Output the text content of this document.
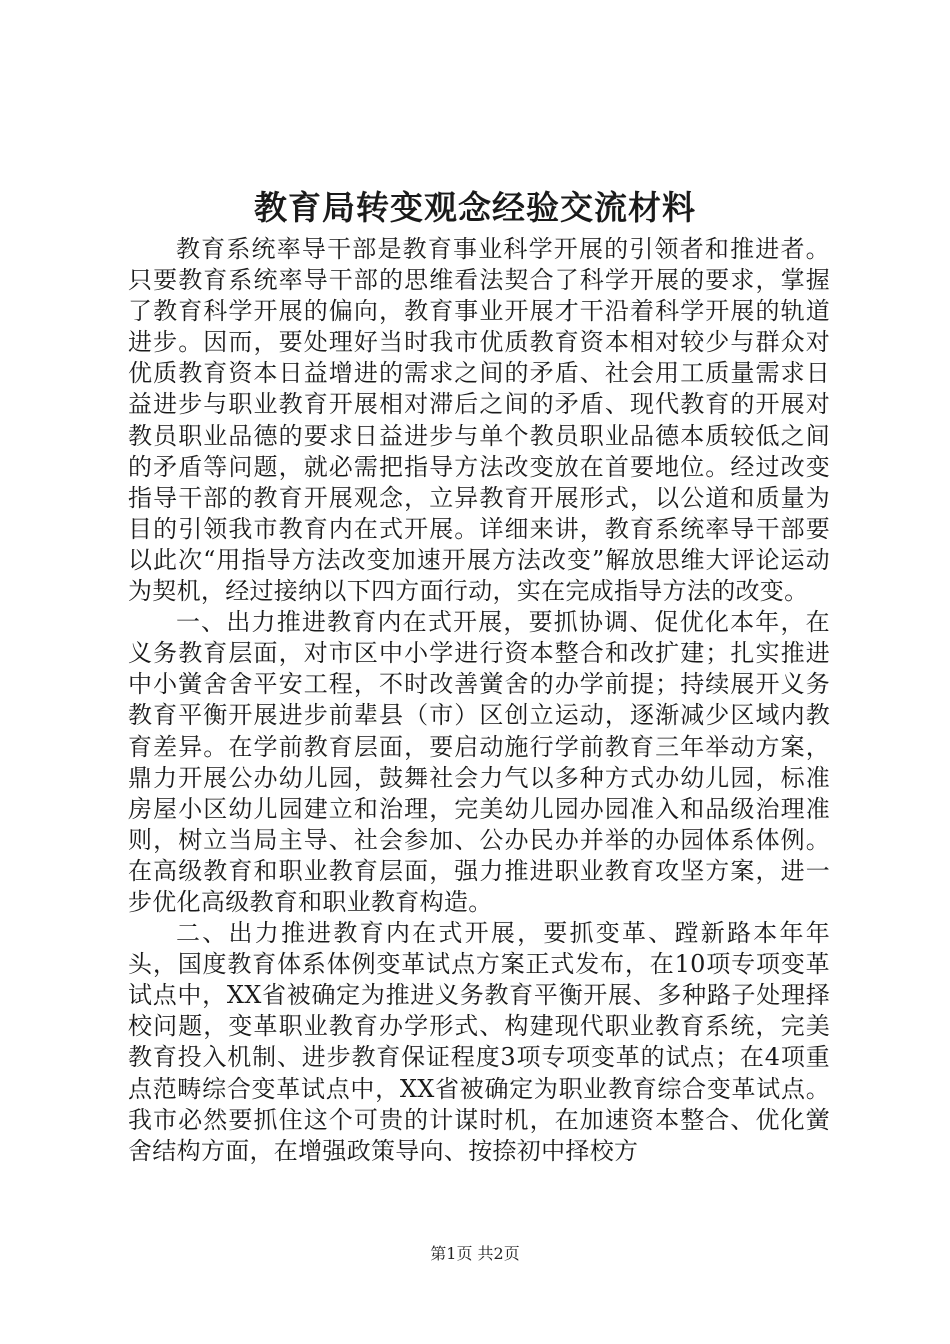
教育局转变观念经验交流材料

教育系统率导干部是教育事业科学开展的引领者和推进者。只要教育系统率导干部的思维看法契合了科学开展的要求，掌握了教育科学开展的偏向，教育事业开展才干沿着科学开展的轨道进步。因而，要处理好当时我市优质教育资本相对较少与群众对优质教育资本日益增进的需求之间的矛盾、社会用工质量需求日益进步与职业教育开展相对滞后之间的矛盾、现代教育的开展对教员职业品德的要求日益进步与单个教员职业品德本质较低之间的矛盾等问题，就必需把指导方法改变放在首要地位。经过改变指导干部的教育开展观念，立异教育开展形式，以公道和质量为目的引领我市教育内在式开展。详细来讲，教育系统率导干部要以此次“用指导方法改变加速开展方法改变”解放思维大评论运动为契机，经过接纳以下四方面行动，实在完成指导方法的改变。

一、出力推进教育内在式开展，要抓协调、促优化本年，在义务教育层面，对市区中小学进行资本整合和改扩建；扎实推进中小黉舍舍平安工程，不时改善黉舍的办学前提；持续展开义务教育平衡开展进步前辈县（市）区创立运动，逐渐减少区域内教育差异。在学前教育层面，要启动施行学前教育三年举动方案，鼎力开展公办幼儿园，鼓舞社会力气以多种方式办幼儿园，标准房屋小区幼儿园建立和治理，完美幼儿园办园准入和品级治理准则，树立当局主导、社会参加、公办民办并举的办园体系体例。在高级教育和职业教育层面，强力推进职业教育攻坚方案，进一步优化高级教育和职业教育构造。

二、出力推进教育内在式开展，要抓变革、蹚新路本年年头，国度教育体系体例变革试点方案正式发布，在10项专项变革试点中，XX省被确定为推进义务教育平衡开展、多种路子处理择校问题，变革职业教育办学形式、构建现代职业教育系统，完美教育投入机制、进步教育保证程度3项专项变革的试点；在4项重点范畴综合变革试点中，XX省被确定为职业教育综合变革试点。我市必然要抓住这个可贵的计谋时机，在加速资本整合、优化黉舍结构方面，在增强政策导向、按捺初中择校方

第1页 共2页
